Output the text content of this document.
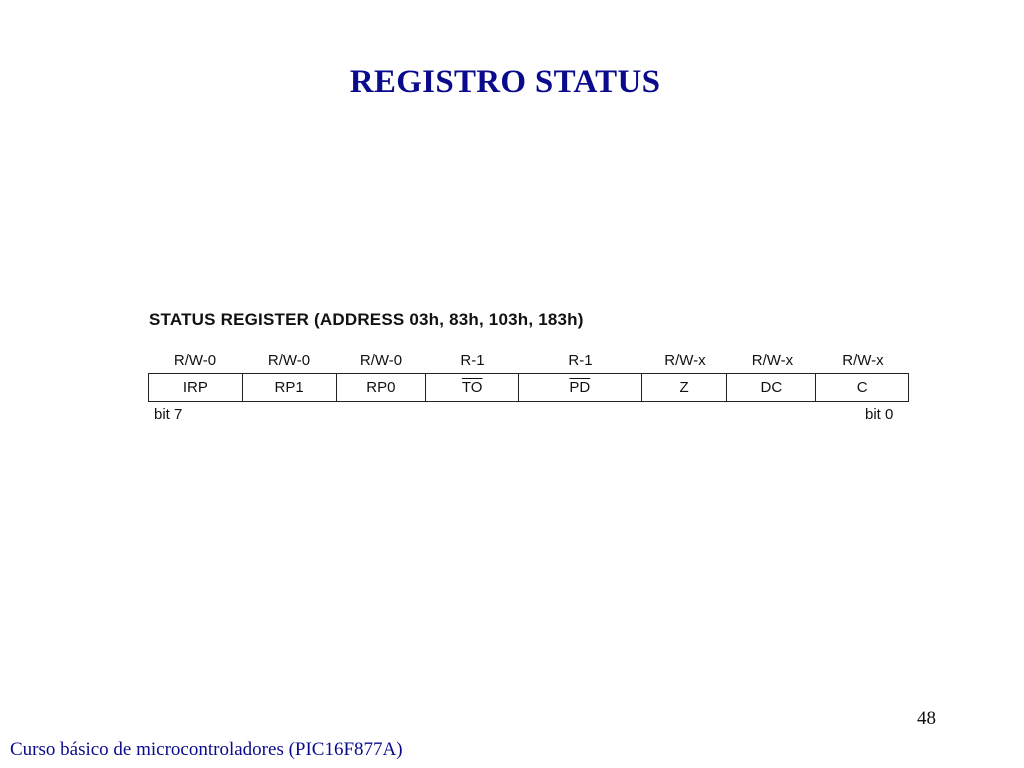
REGISTRO STATUS
STATUS REGISTER (ADDRESS 03h, 83h, 103h, 183h)
R/W-0	R/W-0	R/W-0	R-1	R-1	R/W-x	R/W-x	R/W-x
IRP	RP1	RP0	$\overline{TO}$	$\overline{PD}$	Z	DC	C
bit 7	bit 0
48
Curso básico de microcontroladores (PIC16F877A)
